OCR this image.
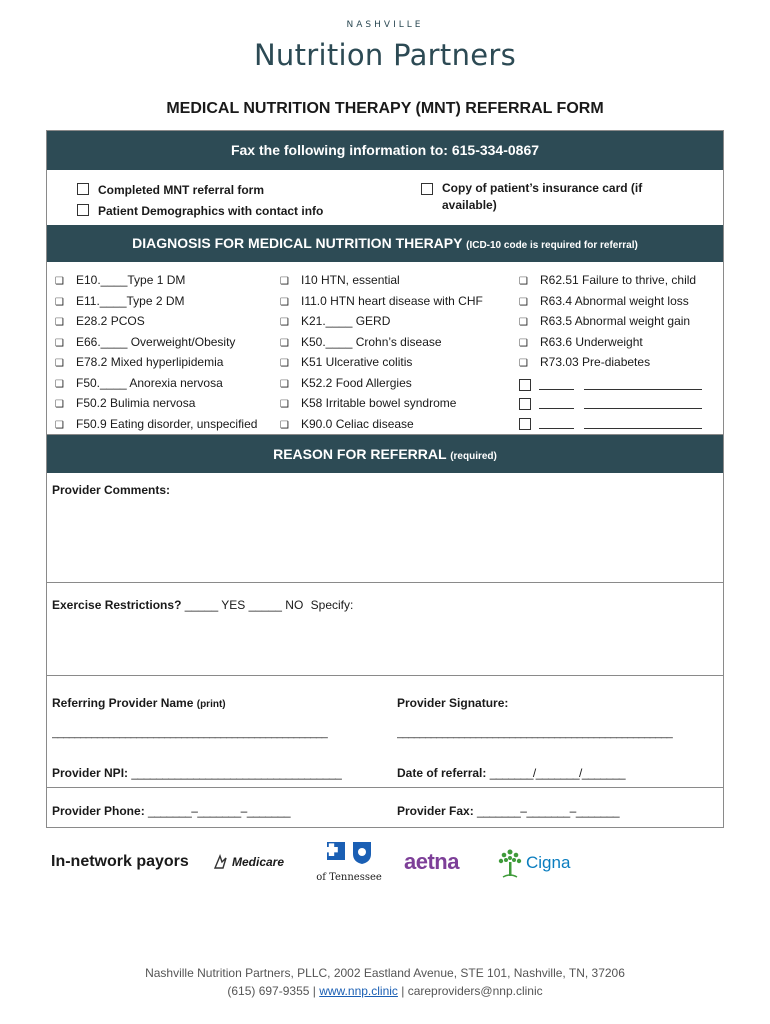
NASHVILLE
Nutrition Partners
MEDICAL NUTRITION THERAPY (MNT) REFERRAL FORM
Fax the following information to: 615-334-0867
Completed MNT referral form
Patient Demographics with contact info
Copy of patient’s insurance card (if available)
DIAGNOSIS FOR MEDICAL NUTRITION THERAPY (ICD-10 code is required for referral)
❑ E10.____Type 1 DM
❑ E11.____Type 2 DM
❑ E28.2 PCOS
❑ E66.____ Overweight/Obesity
❑ E78.2 Mixed hyperlipidemia
❑ F50.____ Anorexia nervosa
❑ F50.2 Bulimia nervosa
❑ F50.9 Eating disorder, unspecified
❑ I10 HTN, essential
❑ I11.0 HTN heart disease with CHF
❑ K21.____ GERD
❑ K50.____ Crohn’s disease
❑ K51 Ulcerative colitis
❑ K52.2 Food Allergies
❑ K58 Irritable bowel syndrome
❑ K90.0 Celiac disease
❑ R62.51 Failure to thrive, child
❑ R63.4 Abnormal weight loss
❑ R63.5 Abnormal weight gain
❑ R63.6 Underweight
❑ R73.03 Pre-diabetes
REASON FOR REFERRAL (required)
Provider Comments:
Exercise Restrictions? _____ YES _____ NO Specify:
Referring Provider Name (print)	Provider Signature:
_________________________________________________	_________________________________________________
Provider NPI: __________________________________	Date of referral: _______/_______/_______
Provider Phone: _______–_______–_______	Provider Fax: _______–_______–_______
In-network payors	Medicare
of Tennessee
aetna	Cigna
Nashville Nutrition Partners, PLLC, 2002 Eastland Avenue, STE 101, Nashville, TN, 37206
(615) 697-9355 | www.nnp.clinic | careproviders@nnp.clinic
